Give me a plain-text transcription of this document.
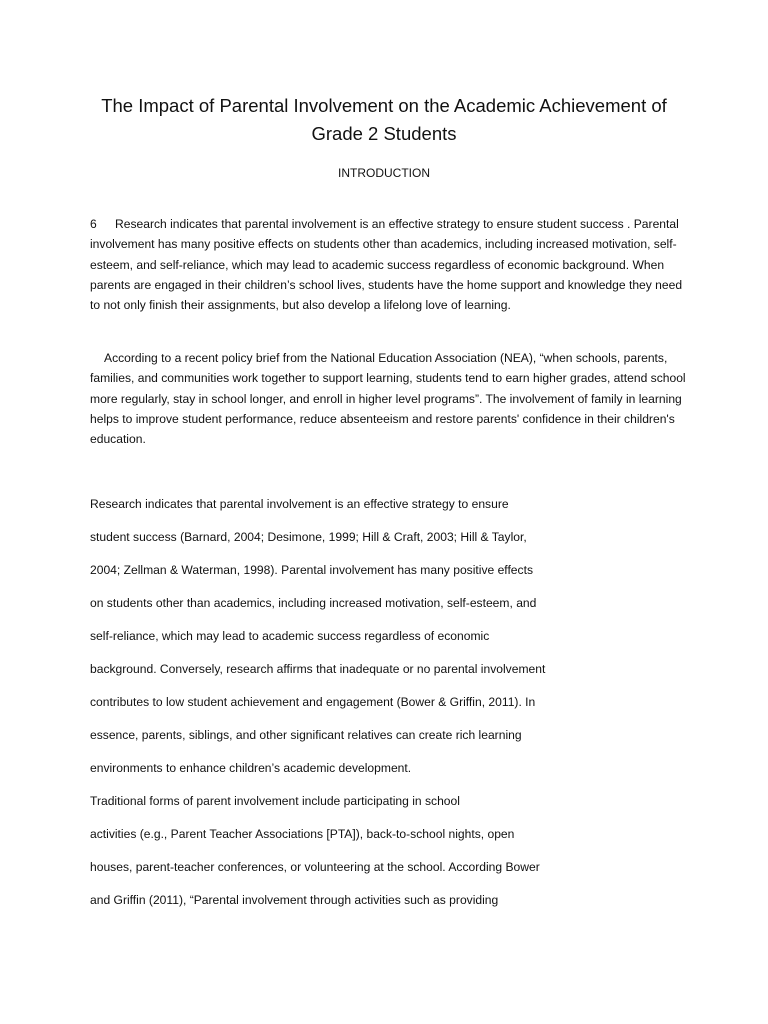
The Impact of Parental Involvement on the Academic Achievement of
Grade 2 Students
INTRODUCTION

6 Research indicates that parental involvement is an effective strategy to ensure student success . Parental involvement has many positive effects on students other than academics, including increased motivation, self-esteem, and self-reliance, which may lead to academic success regardless of economic background. When parents are engaged in their children’s school lives, students have the home support and knowledge they need to not only finish their assignments, but also develop a lifelong love of learning.

According to a recent policy brief from the National Education Association (NEA), “when schools, parents, families, and communities work together to support learning, students tend to earn higher grades, attend school more regularly, stay in school longer, and enroll in higher level programs”. The involvement of family in learning helps to improve student performance, reduce absenteeism and restore parents' confidence in their children's education.

Research indicates that parental involvement is an effective strategy to ensure

student success (Barnard, 2004; Desimone, 1999; Hill & Craft, 2003; Hill & Taylor,

2004; Zellman & Waterman, 1998). Parental involvement has many positive effects

on students other than academics, including increased motivation, self-esteem, and

self-reliance, which may lead to academic success regardless of economic

background. Conversely, research affirms that inadequate or no parental involvement

contributes to low student achievement and engagement (Bower & Griffin, 2011). In

essence, parents, siblings, and other significant relatives can create rich learning

environments to enhance children’s academic development.

Traditional forms of parent involvement include participating in school

activities (e.g., Parent Teacher Associations [PTA]), back-to-school nights, open

houses, parent-teacher conferences, or volunteering at the school. According Bower

and Griffin (2011), “Parental involvement through activities such as providing
